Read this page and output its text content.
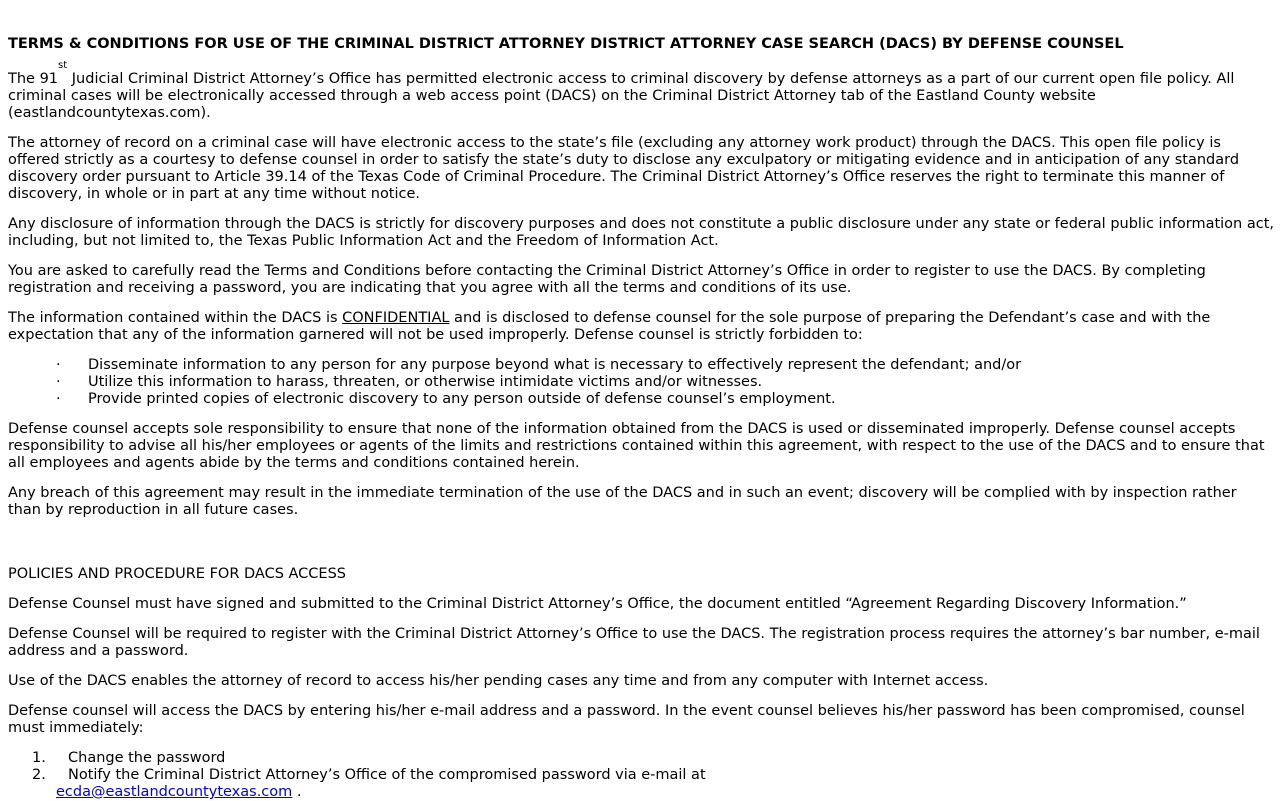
TERMS & CONDITIONS FOR USE OF THE CRIMINAL DISTRICT ATTORNEY DISTRICT ATTORNEY CASE SEARCH (DACS) BY DEFENSE COUNSEL

The 91st Judicial Criminal District Attorney’s Office has permitted electronic access to criminal discovery by defense attorneys as a part of our current open file policy. All criminal cases will be electronically accessed through a web access point (DACS) on the Criminal District Attorney tab of the Eastland County website (eastlandcountytexas.com).

The attorney of record on a criminal case will have electronic access to the state’s file (excluding any attorney work product) through the DACS. This open file policy is offered strictly as a courtesy to defense counsel in order to satisfy the state’s duty to disclose any exculpatory or mitigating evidence and in anticipation of any standard discovery order pursuant to Article 39.14 of the Texas Code of Criminal Procedure. The Criminal District Attorney’s Office reserves the right to terminate this manner of discovery, in whole or in part at any time without notice.

Any disclosure of information through the DACS is strictly for discovery purposes and does not constitute a public disclosure under any state or federal public information act, including, but not limited to, the Texas Public Information Act and the Freedom of Information Act.

You are asked to carefully read the Terms and Conditions before contacting the Criminal District Attorney’s Office in order to register to use the DACS. By completing registration and receiving a password, you are indicating that you agree with all the terms and conditions of its use.

The information contained within the DACS is CONFIDENTIAL and is disclosed to defense counsel for the sole purpose of preparing the Defendant’s case and with the expectation that any of the information garnered will not be used improperly. Defense counsel is strictly forbidden to:

· Disseminate information to any person for any purpose beyond what is necessary to effectively represent the defendant; and/or
· Utilize this information to harass, threaten, or otherwise intimidate victims and/or witnesses.
· Provide printed copies of electronic discovery to any person outside of defense counsel’s employment.

Defense counsel accepts sole responsibility to ensure that none of the information obtained from the DACS is used or disseminated improperly. Defense counsel accepts responsibility to advise all his/her employees or agents of the limits and restrictions contained within this agreement, with respect to the use of the DACS and to ensure that all employees and agents abide by the terms and conditions contained herein.

Any breach of this agreement may result in the immediate termination of the use of the DACS and in such an event; discovery will be complied with by inspection rather than by reproduction in all future cases.

POLICIES AND PROCEDURE FOR DACS ACCESS

Defense Counsel must have signed and submitted to the Criminal District Attorney’s Office, the document entitled “Agreement Regarding Discovery Information.”

Defense Counsel will be required to register with the Criminal District Attorney’s Office to use the DACS. The registration process requires the attorney’s bar number, e-mail address and a password.

Use of the DACS enables the attorney of record to access his/her pending cases any time and from any computer with Internet access.

Defense counsel will access the DACS by entering his/her e-mail address and a password. In the event counsel believes his/her password has been compromised, counsel must immediately:

1. Change the password
2. Notify the Criminal District Attorney’s Office of the compromised password via e-mail at
ecda@eastlandcountytexas.com .
